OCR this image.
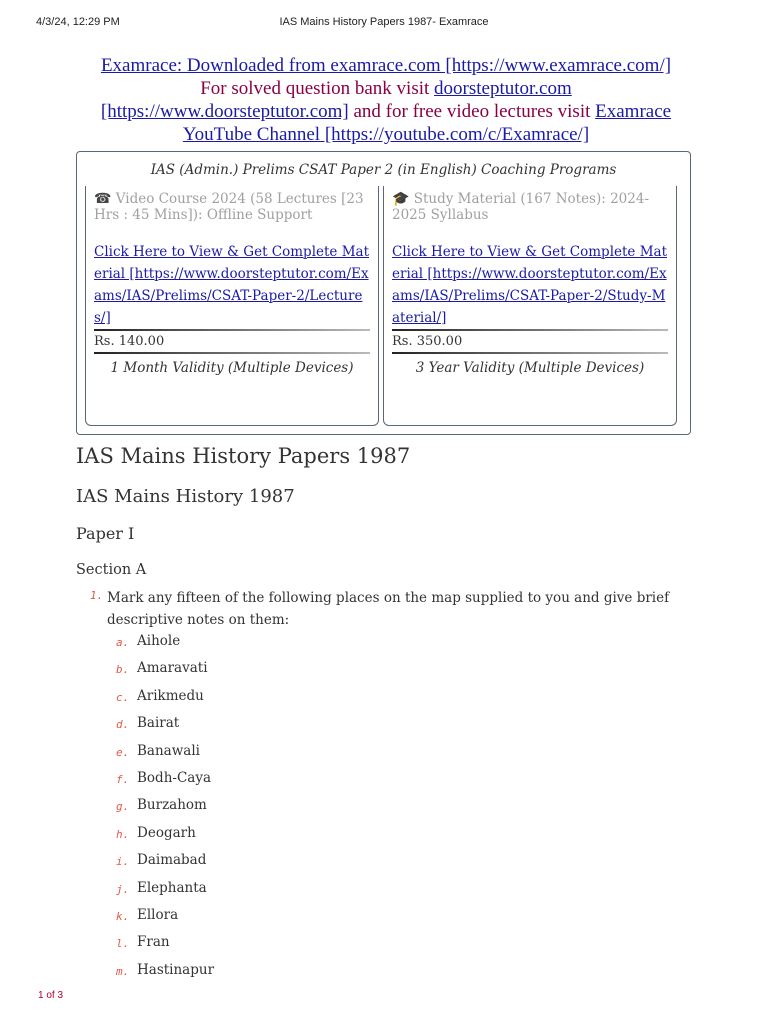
4/3/24, 12:29 PM	IAS Mains History Papers 1987- Examrace
Examrace: Downloaded from examrace.com [https://www.examrace.com/]
For solved question bank visit doorsteptutor.com
[https://www.doorsteptutor.com] and for free video lectures visit Examrace
YouTube Channel [https://youtube.com/c/Examrace/]
IAS (Admin.) Prelims CSAT Paper 2 (in English) Coaching Programs
☎ Video Course 2024 (58 Lectures [23 Hrs : 45 Mins]): Offline Support
Click Here to View & Get Complete Material [https://www.doorsteptutor.com/Exams/IAS/Prelims/CSAT-Paper-2/Lectures/]
Rs. 140.00
1 Month Validity (Multiple Devices)
🎓 Study Material (167 Notes): 2024-2025 Syllabus
Click Here to View & Get Complete Material [https://www.doorsteptutor.com/Exams/IAS/Prelims/CSAT-Paper-2/Study-Material/]
Rs. 350.00
3 Year Validity (Multiple Devices)
IAS Mains History Papers 1987
IAS Mains History 1987
Paper I
Section A
1. Mark any fifteen of the following places on the map supplied to you and give brief descriptive notes on them:
a. Aihole
b. Amaravati
c. Arikmedu
d. Bairat
e. Banawali
f. Bodh-Caya
g. Burzahom
h. Deogarh
i. Daimabad
j. Elephanta
k. Ellora
l. Fran
m. Hastinapur
1 of 3
